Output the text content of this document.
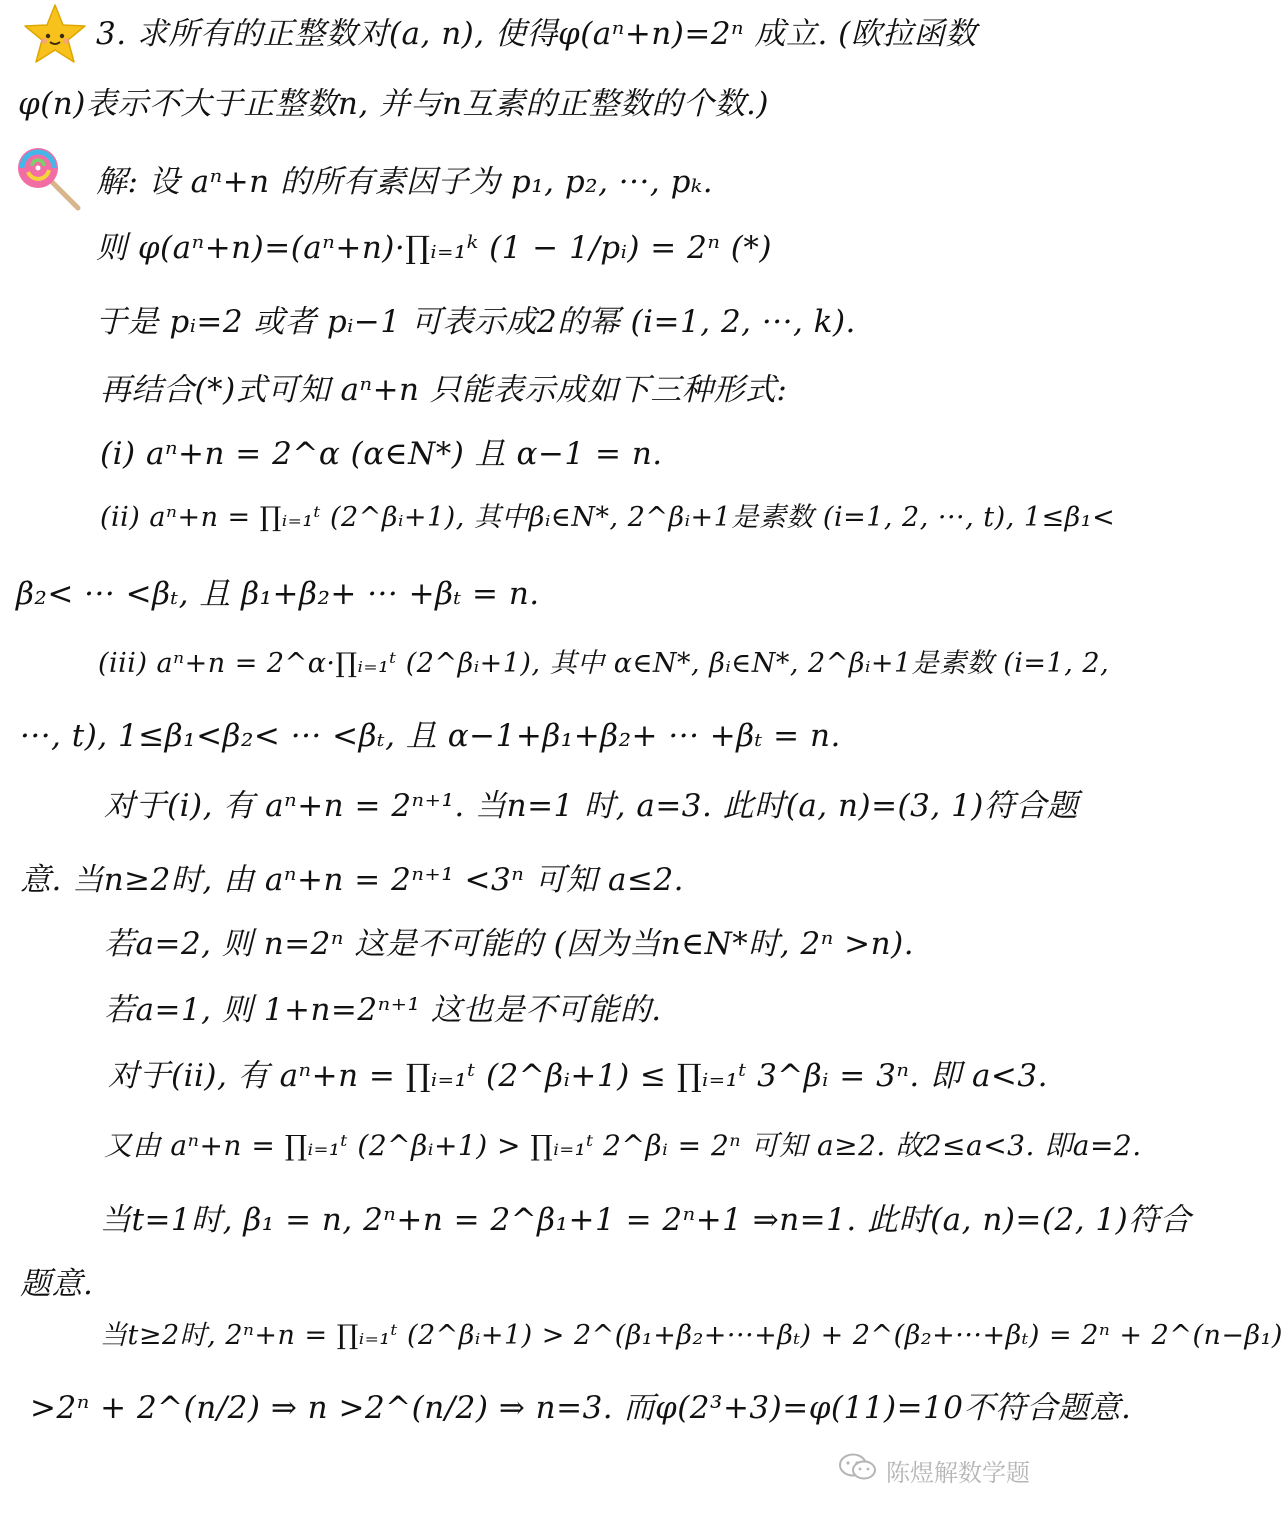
3. 求所有的正整数对(a, n), 使得φ(aⁿ+n)=2ⁿ 成立. (欧拉函数
φ(n)表示不大于正整数n, 并与n互素的正整数的个数.)
解: 设 aⁿ+n 的所有素因子为 p₁, p₂, ···, pₖ.
则 φ(aⁿ+n)=(aⁿ+n)·∏ᵢ₌₁ᵏ (1 − 1/pᵢ) = 2ⁿ (*)
于是 pᵢ=2 或者 pᵢ−1 可表示成2的幂 (i=1, 2, ···, k).
再结合(*)式可知 aⁿ+n 只能表示成如下三种形式:
(i) aⁿ+n = 2^α (α∈N*) 且 α−1 = n.
(ii) aⁿ+n = ∏ᵢ₌₁ᵗ (2^βᵢ+1), 其中βᵢ∈N*, 2^βᵢ+1是素数 (i=1, 2, ···, t), 1≤β₁<
β₂< ··· <βₜ, 且 β₁+β₂+ ··· +βₜ = n.
(iii) aⁿ+n = 2^α·∏ᵢ₌₁ᵗ (2^βᵢ+1), 其中 α∈N*, βᵢ∈N*, 2^βᵢ+1是素数 (i=1, 2,
···, t), 1≤β₁<β₂< ··· <βₜ, 且 α−1+β₁+β₂+ ··· +βₜ = n.
对于(i), 有 aⁿ+n = 2ⁿ⁺¹. 当n=1 时, a=3. 此时(a, n)=(3, 1)符合题
意. 当n≥2时, 由 aⁿ+n = 2ⁿ⁺¹ <3ⁿ 可知 a≤2.
若a=2, 则 n=2ⁿ 这是不可能的 (因为当n∈N*时, 2ⁿ >n).
若a=1, 则 1+n=2ⁿ⁺¹ 这也是不可能的.
对于(ii), 有 aⁿ+n = ∏ᵢ₌₁ᵗ (2^βᵢ+1) ≤ ∏ᵢ₌₁ᵗ 3^βᵢ = 3ⁿ. 即 a<3.
又由 aⁿ+n = ∏ᵢ₌₁ᵗ (2^βᵢ+1) > ∏ᵢ₌₁ᵗ 2^βᵢ = 2ⁿ 可知 a≥2. 故2≤a<3. 即a=2.
当t=1时, β₁ = n, 2ⁿ+n = 2^β₁+1 = 2ⁿ+1 ⇒n=1. 此时(a, n)=(2, 1)符合
题意.
当t≥2时, 2ⁿ+n = ∏ᵢ₌₁ᵗ (2^βᵢ+1) > 2^(β₁+β₂+···+βₜ) + 2^(β₂+···+βₜ) = 2ⁿ + 2^(n−β₁)
>2ⁿ + 2^(n/2) ⇒ n >2^(n/2) ⇒ n=3. 而φ(2³+3)=φ(11)=10不符合题意.
陈煜解数学题
